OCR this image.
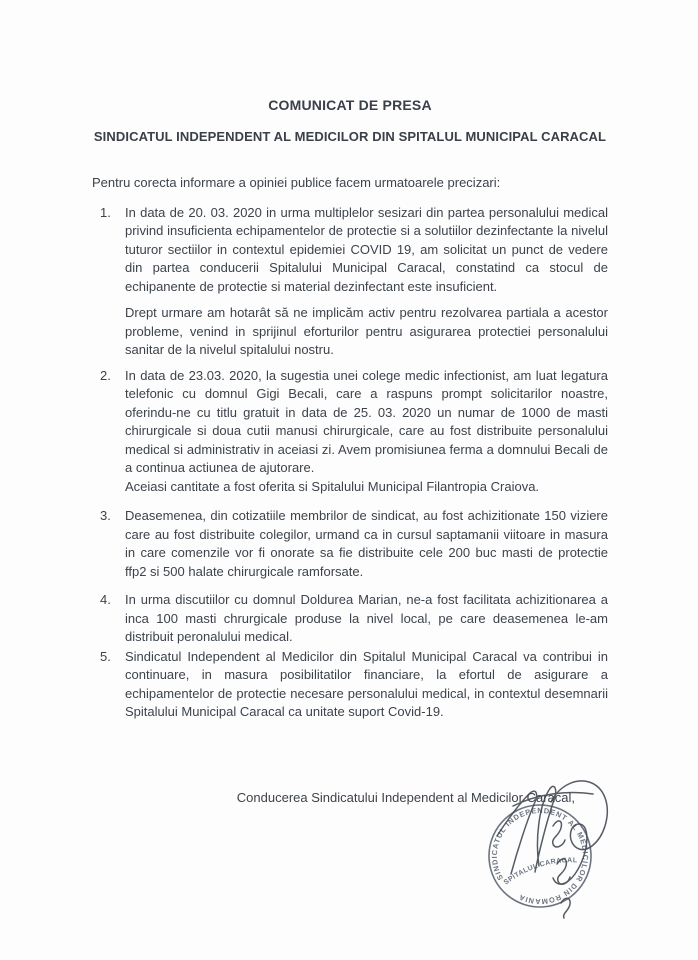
COMUNICAT DE PRESA
SINDICATUL INDEPENDENT AL MEDICILOR DIN SPITALUL MUNICIPAL CARACAL

Pentru corecta informare a opiniei publice facem urmatoarele precizari:

1. In data de 20. 03. 2020 in urma multiplelor sesizari din partea personalului medical privind insuficienta echipamentelor de protectie si a solutiilor dezinfectante la nivelul tuturor sectiilor in contextul epidemiei COVID 19, am solicitat un punct de vedere din partea conducerii Spitalului Municipal Caracal, constatind ca stocul de echipanente de protectie si material dezinfectant este insuficient.

Drept urmare am hotarât să ne implicăm activ pentru rezolvarea partiala a acestor probleme, venind in sprijinul eforturilor pentru asigurarea protectiei personalului sanitar de la nivelul spitalului nostru.

2. In data de 23.03. 2020, la sugestia unei colege medic infectionist, am luat legatura telefonic cu domnul Gigi Becali, care a raspuns prompt solicitarilor noastre, oferindu-ne cu titlu gratuit in data de 25. 03. 2020 un numar de 1000 de masti chirurgicale si doua cutii manusi chirurgicale, care au fost distribuite personalului medical si administrativ in aceiasi zi. Avem promisiunea ferma a domnului Becali de a continua actiunea de ajutorare.

Aceiasi cantitate a fost oferita si Spitalului Municipal Filantropia Craiova.

3. Deasemenea, din cotizatiile membrilor de sindicat, au fost achizitionate 150 viziere care au fost distribuite colegilor, urmand ca in cursul saptamanii viitoare in masura in care comenzile vor fi onorate sa fie distribuite cele 200 buc masti de protectie ffp2 si 500 halate chirurgicale ramforsate.

4. In urma discutiilor cu domnul Doldurea Marian, ne-a fost facilitata achizitionarea a inca 100 masti chrurgicale produse la nivel local, pe care deasemenea le-am distribuit peronalului medical.

5. Sindicatul Independent al Medicilor din Spitalul Municipal Caracal va contribui in continuare, in masura posibilitatilor financiare, la efortul de asigurare a echipamentelor de protectie necesare personalului medical, in contextul desemnarii Spitalului Municipal Caracal ca unitate suport Covid-19.

Conducerea Sindicatului Independent al Medicilor Caracal,

SINDICATUL INDEPENDENT AL MEDICILOR DIN ROMANIA
SPITALUL CARACAL
